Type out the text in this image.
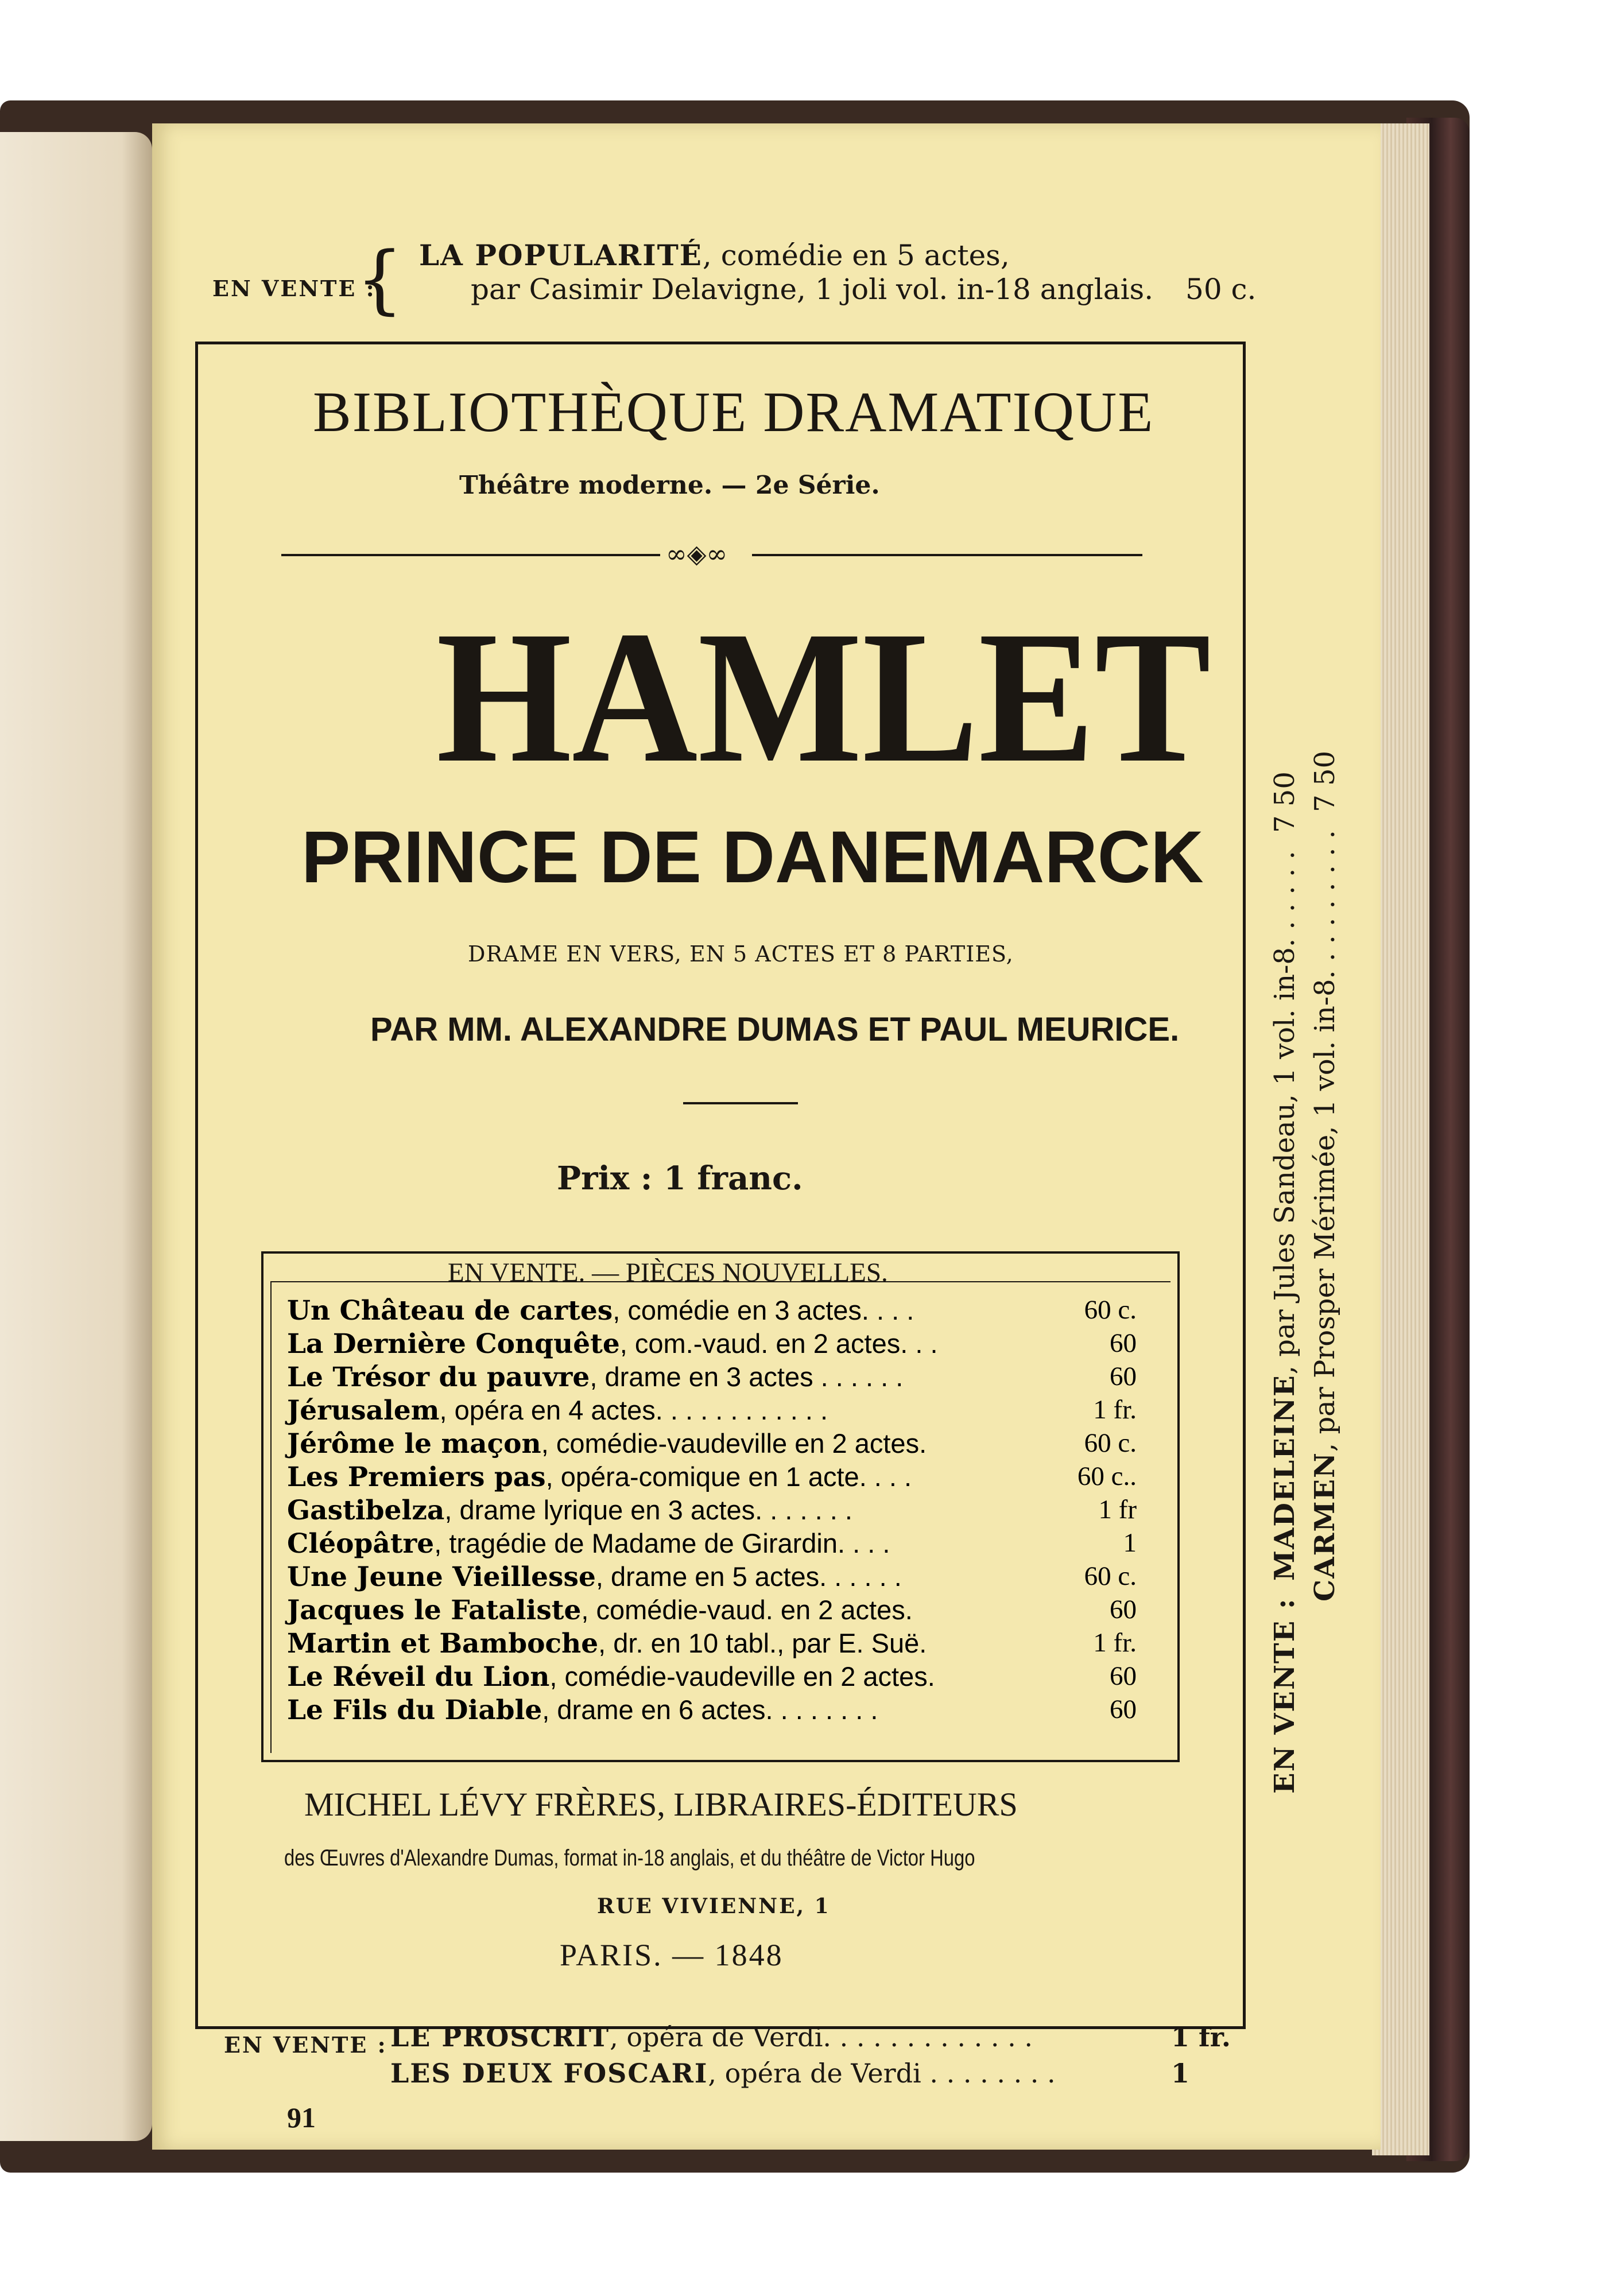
EN VENTE :
{ LA POPULARITÉ, comédie en 5 actes,
par Casimir Delavigne, 1 joli vol. in-18 anglais. 50 c.
BIBLIOTHÈQUE DRAMATIQUE
Théâtre moderne. — 2e Série.
∞◈∞
HAMLET
PRINCE DE DANEMARCK
DRAME EN VERS, EN 5 ACTES ET 8 PARTIES,
PAR MM. ALEXANDRE DUMAS ET PAUL MEURICE.
Prix : 1 franc.
EN VENTE. — PIÈCES NOUVELLES.
Un Château de cartes, comédie en 3 actes. . . .	60 c.
La Dernière Conquête, com.-vaud. en 2 actes. . .	60
Le Trésor du pauvre, drame en 3 actes . . . . . .	60
Jérusalem, opéra en 4 actes. . . . . . . . . . . .	1 fr.
Jérôme le maçon, comédie-vaudeville en 2 actes.	60 c.
Les Premiers pas, opéra-comique en 1 acte. . . .	60 c..
Gastibelza, drame lyrique en 3 actes. . . . . . .	1 fr
Cléopâtre, tragédie de Madame de Girardin. . . .	1
Une Jeune Vieillesse, drame en 5 actes. . . . . .	60 c.
Jacques le Fataliste, comédie-vaud. en 2 actes.	60
Martin et Bamboche, dr. en 10 tabl., par E. Suë.	1 fr.
Le Réveil du Lion, comédie-vaudeville en 2 actes.	60
Le Fils du Diable, drame en 6 actes. . . . . . . .	60
MICHEL LÉVY FRÈRES, LIBRAIRES-ÉDITEURS
des Œuvres d'Alexandre Dumas, format in-18 anglais, et du théâtre de Victor Hugo
RUE VIVIENNE, 1
PARIS. — 1848
EN VENTE : LE PROSCRIT, opéra de Verdi. . . . . . . . . . . . .	1 fr.
LES DEUX FOSCARI, opéra de Verdi . . . . . . . .	1
91
EN VENTE : MADELEINE, par Jules Sandeau, 1 vol. in-8. . . . . . 7 50
CARMEN, par Prosper Mérimée, 1 vol. in-8. . . . . . . . . 7 50
